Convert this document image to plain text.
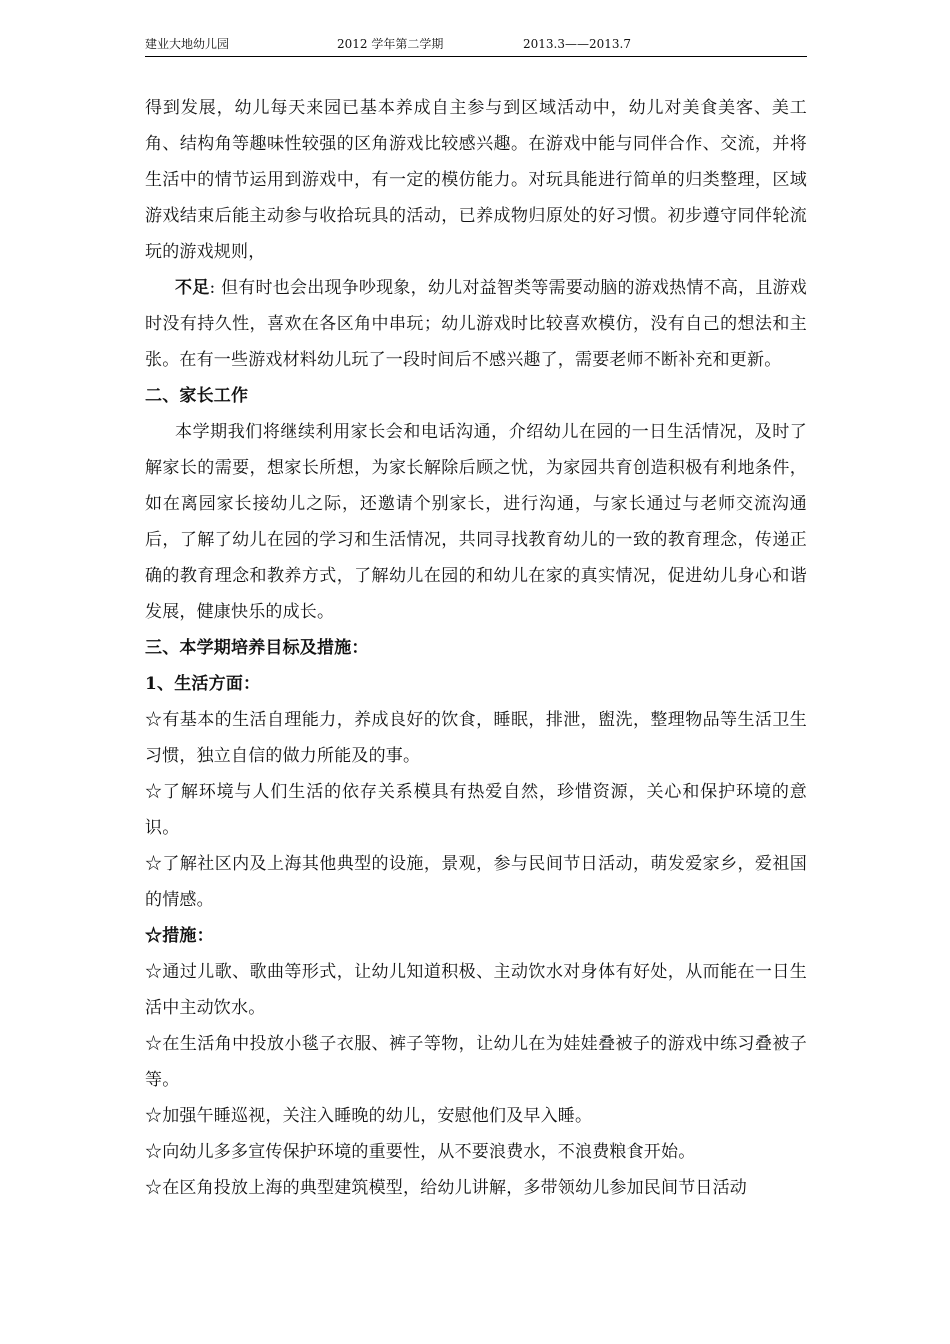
建业大地幼儿园	2012 学年第二学期	2013.3——2013.7

得到发展，幼儿每天来园已基本养成自主参与到区域活动中，幼儿对美食美客、美工角、结构角等趣味性较强的区角游戏比较感兴趣。在游戏中能与同伴合作、交流，并将生活中的情节运用到游戏中，有一定的模仿能力。对玩具能进行简单的归类整理，区域游戏结束后能主动参与收拾玩具的活动，已养成物归原处的好习惯。初步遵守同伴轮流玩的游戏规则，

不足: 但有时也会出现争吵现象，幼儿对益智类等需要动脑的游戏热情不高，且游戏时没有持久性，喜欢在各区角中串玩；幼儿游戏时比较喜欢模仿，没有自己的想法和主张。在有一些游戏材料幼儿玩了一段时间后不感兴趣了，需要老师不断补充和更新。

二、家长工作

本学期我们将继续利用家长会和电话沟通，介绍幼儿在园的一日生活情况，及时了解家长的需要，想家长所想，为家长解除后顾之忧，为家园共育创造积极有利地条件，如在离园家长接幼儿之际，还邀请个别家长，进行沟通，与家长通过与老师交流沟通后，了解了幼儿在园的学习和生活情况，共同寻找教育幼儿的一致的教育理念，传递正确的教育理念和教养方式，了解幼儿在园的和幼儿在家的真实情况，促进幼儿身心和谐发展，健康快乐的成长。

三、本学期培养目标及措施：

1、生活方面：

☆有基本的生活自理能力，养成良好的饮食，睡眠，排泄，盥洗，整理物品等生活卫生习惯，独立自信的做力所能及的事。

☆了解环境与人们生活的依存关系模具有热爱自然，珍惜资源，关心和保护环境的意识。

☆了解社区内及上海其他典型的设施，景观，参与民间节日活动，萌发爱家乡，爱祖国的情感。

☆措施：

☆通过儿歌、歌曲等形式，让幼儿知道积极、主动饮水对身体有好处，从而能在一日生活中主动饮水。

☆在生活角中投放小毯子衣服、裤子等物，让幼儿在为娃娃叠被子的游戏中练习叠被子等。

☆加强午睡巡视，关注入睡晚的幼儿，安慰他们及早入睡。

☆向幼儿多多宣传保护环境的重要性，从不要浪费水，不浪费粮食开始。

☆在区角投放上海的典型建筑模型，给幼儿讲解，多带领幼儿参加民间节日活动
